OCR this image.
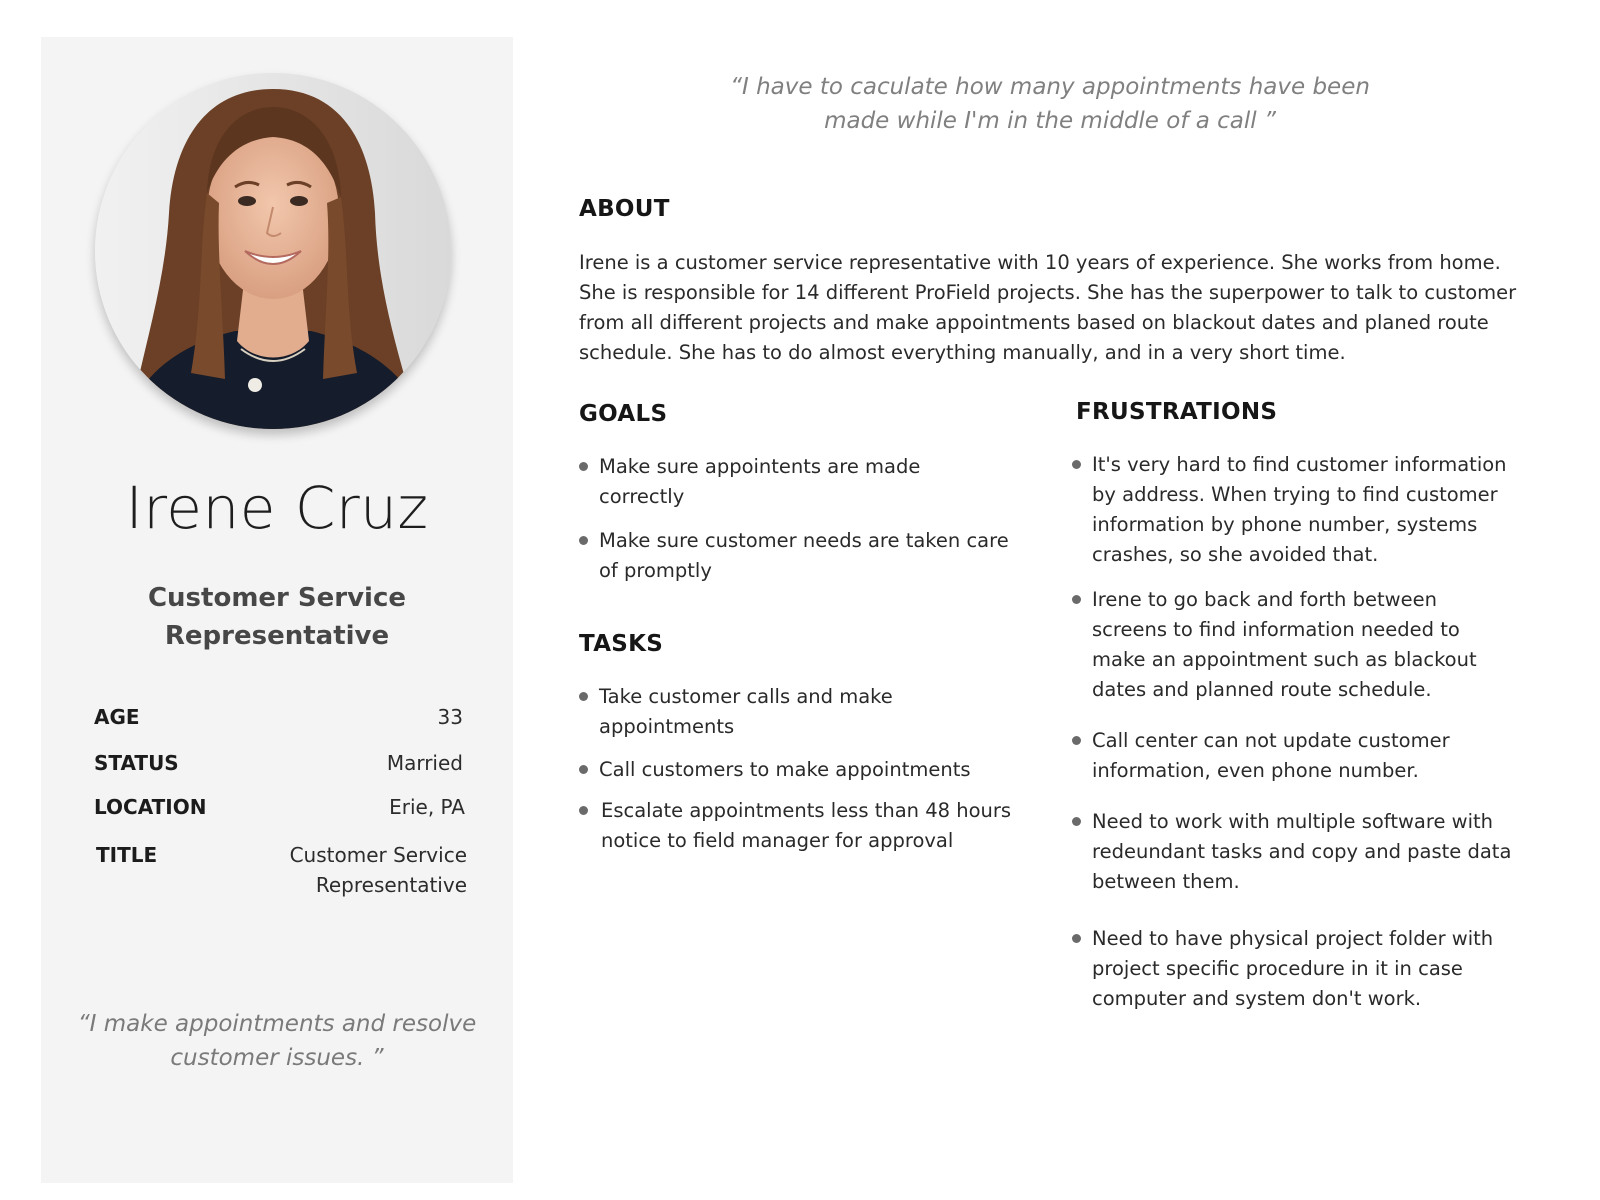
Irene Cruz
Customer Service
Representative
AGE	33
STATUS	Married
LOCATION	Erie, PA
TITLE	Customer Service
Representative
“I make appointments and resolve
customer issues. ”
“I have to caculate how many appointments have been
made while I'm in the middle of a call ”
ABOUT
Irene is a customer service representative with 10 years of experience. She works from home.
She is responsible for 14 different ProField projects. She has the superpower to talk to customer
from all different projects and make appointments based on blackout dates and planed route
schedule. She has to do almost everything manually, and in a very short time.
GOALS
Make sure appointents are made
correctly
Make sure customer needs are taken care
of promptly
TASKS
Take customer calls and make
appointments
Call customers to make appointments
Escalate appointments less than 48 hours
notice to field manager for approval
FRUSTRATIONS
It's very hard to find customer information
by address. When trying to find customer
information by phone number, systems
crashes, so she avoided that.
Irene to go back and forth between
screens to find information needed to
make an appointment such as blackout
dates and planned route schedule.
Call center can not update customer
information, even phone number.
Need to work with multiple software with
redeundant tasks and copy and paste data
between them.
Need to have physical project folder with
project specific procedure in it in case
computer and system don't work.
